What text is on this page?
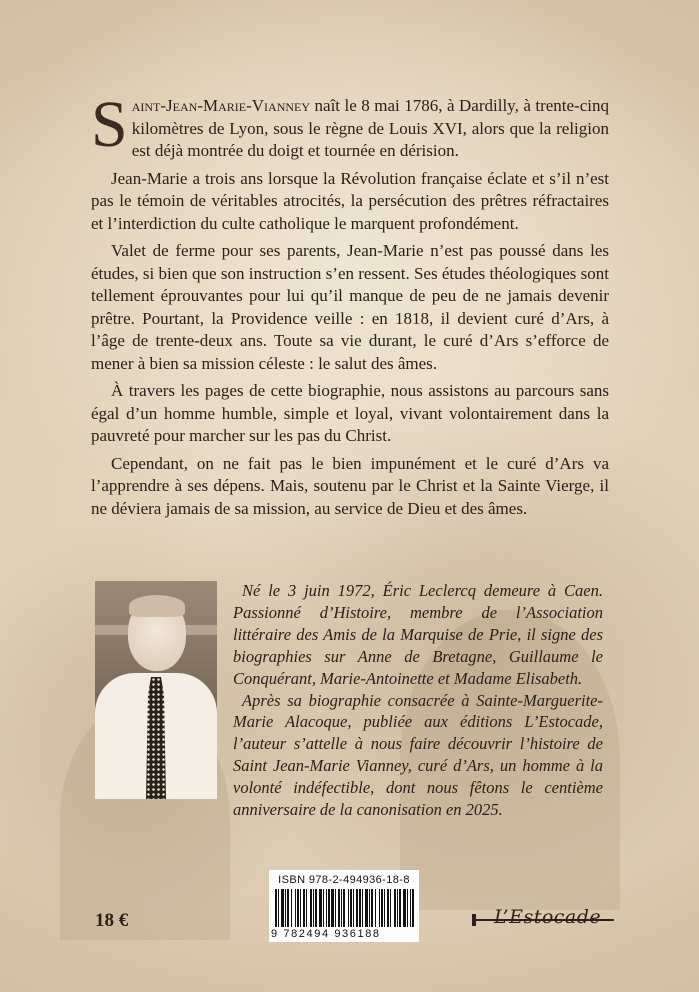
Saint-Jean-Marie-Vianney naît le 8 mai 1786, à Dardilly, à trente-cinq kilomètres de Lyon, sous le règne de Louis XVI, alors que la religion est déjà montrée du doigt et tournée en dérision.

Jean-Marie a trois ans lorsque la Révolution française éclate et s’il n’est pas le témoin de véritables atrocités, la persécution des prêtres réfractaires et l’interdiction du culte catholique le marquent profondément.

Valet de ferme pour ses parents, Jean-Marie n’est pas poussé dans les études, si bien que son instruction s’en ressent. Ses études théologiques sont tellement éprouvantes pour lui qu’il manque de peu de ne jamais devenir prêtre. Pourtant, la Providence veille : en 1818, il devient curé d’Ars, à l’âge de trente-deux ans. Toute sa vie durant, le curé d’Ars s’efforce de mener à bien sa mission céleste : le salut des âmes.

À travers les pages de cette biographie, nous assistons au parcours sans égal d’un homme humble, simple et loyal, vivant volontairement dans la pauvreté pour marcher sur les pas du Christ.

Cependant, on ne fait pas le bien impunément et le curé d’Ars va l’apprendre à ses dépens. Mais, soutenu par le Christ et la Sainte Vierge, il ne déviera jamais de sa mission, au service de Dieu et des âmes.

Né le 3 juin 1972, Éric Leclercq demeure à Caen. Passionné d’Histoire, membre de l’Association littéraire des Amis de la Marquise de Prie, il signe des biographies sur Anne de Bretagne, Guillaume le Conquérant, Marie-Antoinette et Madame Elisabeth.

Après sa biographie consacrée à Sainte-Marguerite-Marie Alacoque, publiée aux éditions L’Estocade, l’auteur s’attelle à nous faire découvrir l’histoire de Saint Jean-Marie Vianney, curé d’Ars, un homme à la volonté indéfectible, dont nous fêtons le centième anniversaire de la canonisation en 2025.

ISBN 978-2-494936-18-8
9 782494 936188
18 €	L’Estocade
